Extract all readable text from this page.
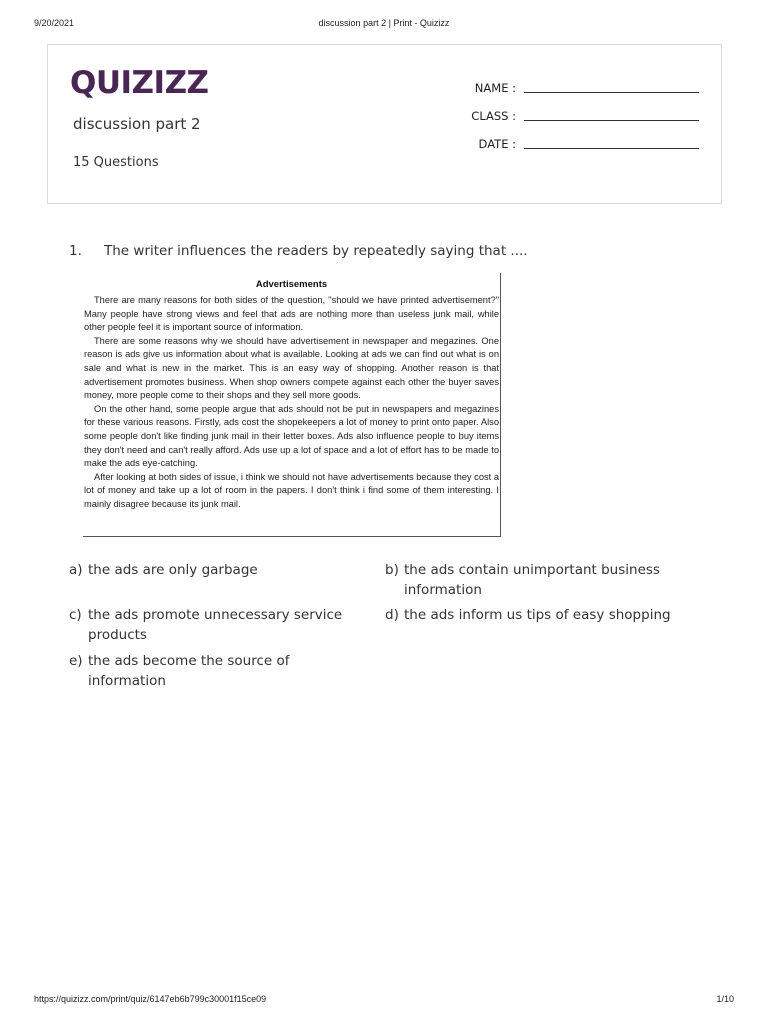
9/20/2021	discussion part 2 | Print - Quizizz
QUIZIZZ
discussion part 2
15 Questions
NAME :
CLASS :
DATE :
1. The writer influences the readers by repeatedly saying that ....
Advertisements

There are many reasons for both sides of the question, "should we have printed advertisement?" Many people have strong views and feel that ads are nothing more than useless junk mail, while other people feel it is important source of information.

There are some reasons why we should have advertisement in newspaper and megazines. One reason is ads give us information about what is available. Looking at ads we can find out what is on sale and what is new in the market. This is an easy way of shopping. Another reason is that advertisement promotes business. When shop owners compete against each other the buyer saves money, more people come to their shops and they sell more goods.

On the other hand, some people argue that ads should not be put in newspapers and megazines for these various reasons. Firstly, ads cost the shopekeepers a lot of money to print onto paper. Also some people don't like finding junk mail in their letter boxes. Ads also influence people to buy items they don't need and can't really afford. Ads use up a lot of space and a lot of effort has to be made to make the ads eye-catching.

After looking at both sides of issue, i think we should not have advertisements because they cost a lot of money and take up a lot of room in the papers. I don't think i find some of them interesting. I mainly disagree because its junk mail.

a) the ads are only garbage	b) the ads contain unimportant business information
c) the ads promote unnecessary service products
d) the ads inform us tips of easy shopping
e) the ads become the source of information
https://quizizz.com/print/quiz/6147eb6b799c30001f15ce09	1/10
